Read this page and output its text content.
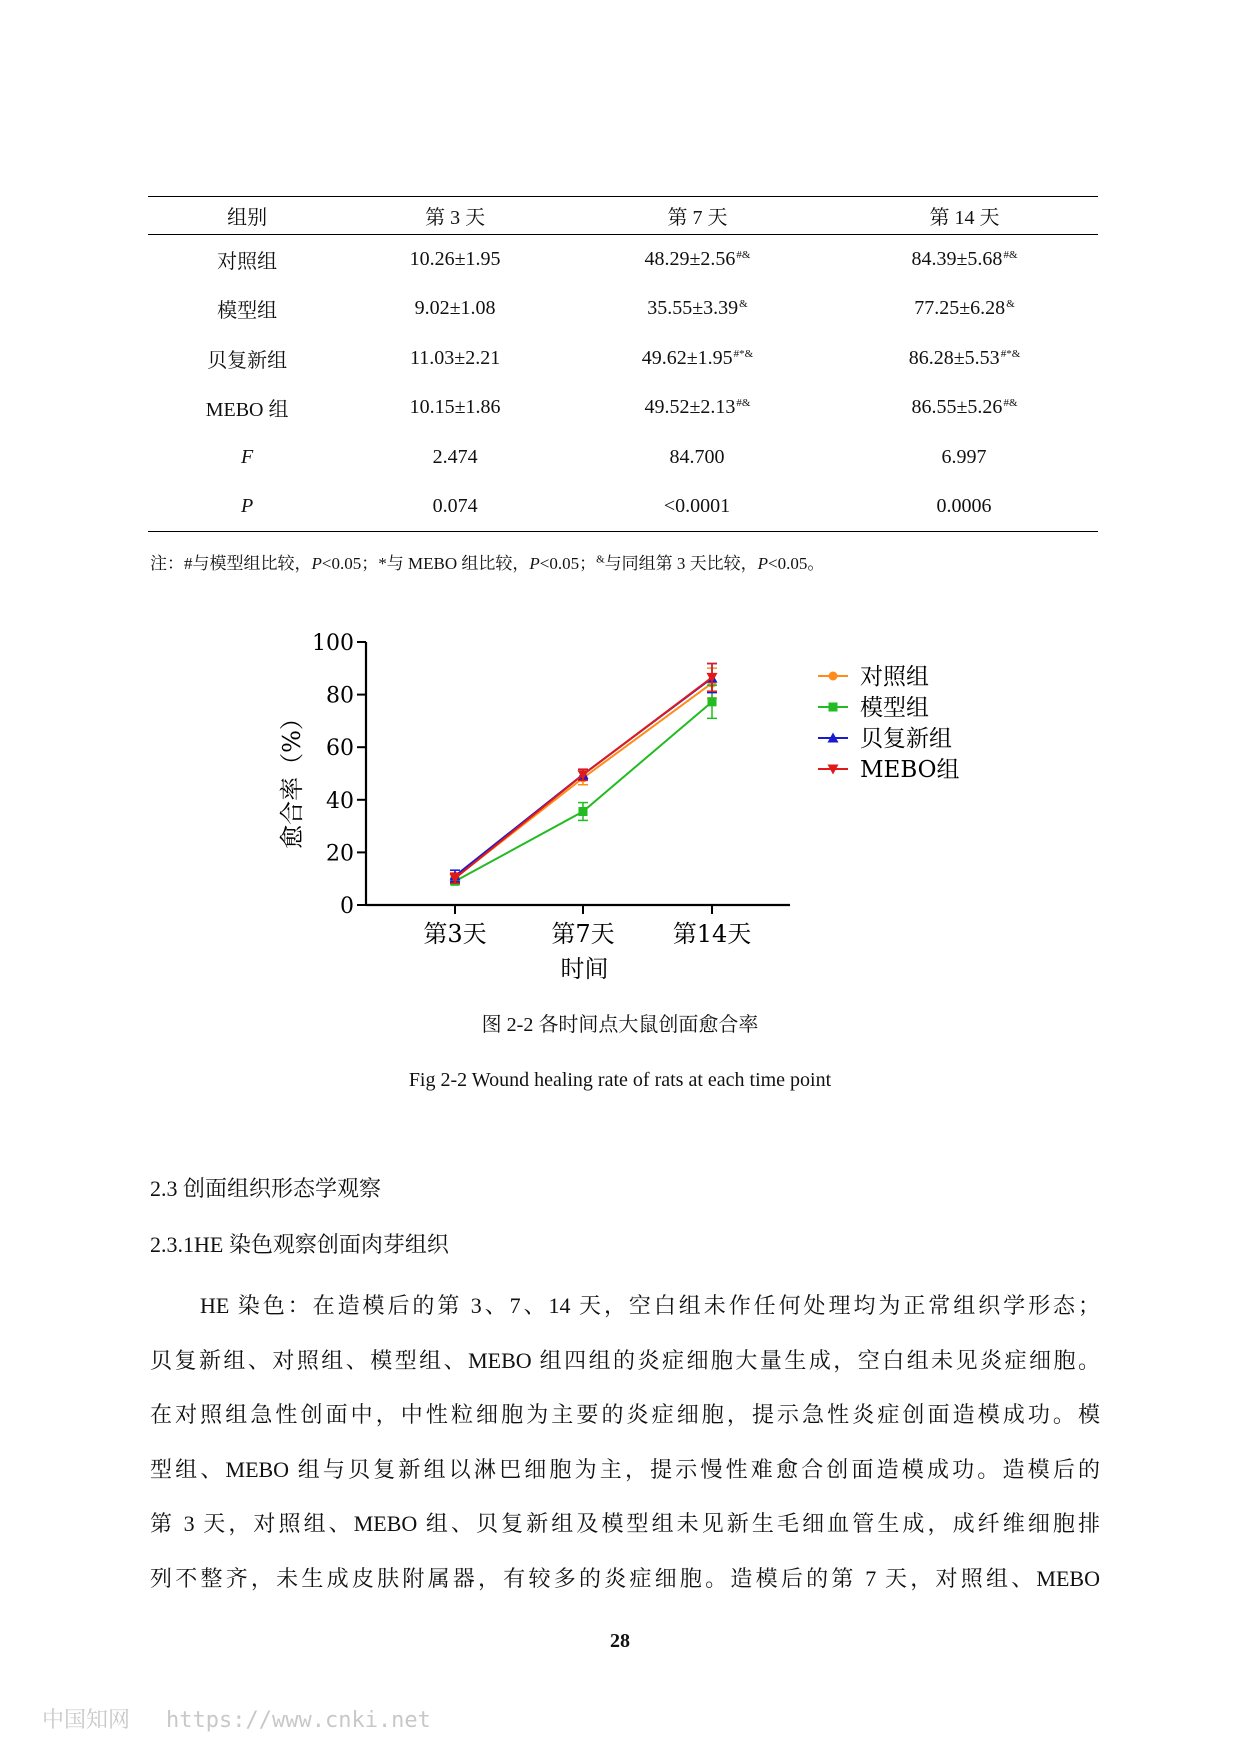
组别	第 3 天	第 7 天	第 14 天
对照组	10.26±1.95	48.29±2.56#&	84.39±5.68#&
模型组	9.02±1.08	35.55±3.39&	77.25±6.28&
贝复新组	11.03±2.21	49.62±1.95#*&	86.28±5.53#*&
MEBO 组	10.15±1.86	49.52±2.13#&	86.55±5.26#&
F	2.474	84.700	6.997
P	0.074	<0.0001	0.0006
注：#与模型组比较，P<0.05；*与 MEBO 组比较，P<0.05；&与同组第 3 天比较，P<0.05。
0
20
40
60
80
100
第3天	第7天 第14天
时间
愈合率（%）
对照组
模型组
贝复新组
MEBO组
图 2-2 各时间点大鼠创面愈合率
Fig 2-2 Wound healing rate of rats at each time point
2.3 创面组织形态学观察
2.3.1HE 染色观察创面肉芽组织
HE 染色：在造模后的第 3、7、14 天，空白组未作任何处理均为正常组织学形态；
贝复新组、对照组、模型组、MEBO 组四组的炎症细胞大量生成，空白组未见炎症细胞。
在对照组急性创面中，中性粒细胞为主要的炎症细胞，提示急性炎症创面造模成功。模
型组、MEBO 组与贝复新组以淋巴细胞为主，提示慢性难愈合创面造模成功。造模后的
第 3 天，对照组、MEBO 组、贝复新组及模型组未见新生毛细血管生成，成纤维细胞排
列不整齐，未生成皮肤附属器，有较多的炎症细胞。造模后的第 7 天，对照组、MEBO
28
中国知网 https://www.cnki.net
